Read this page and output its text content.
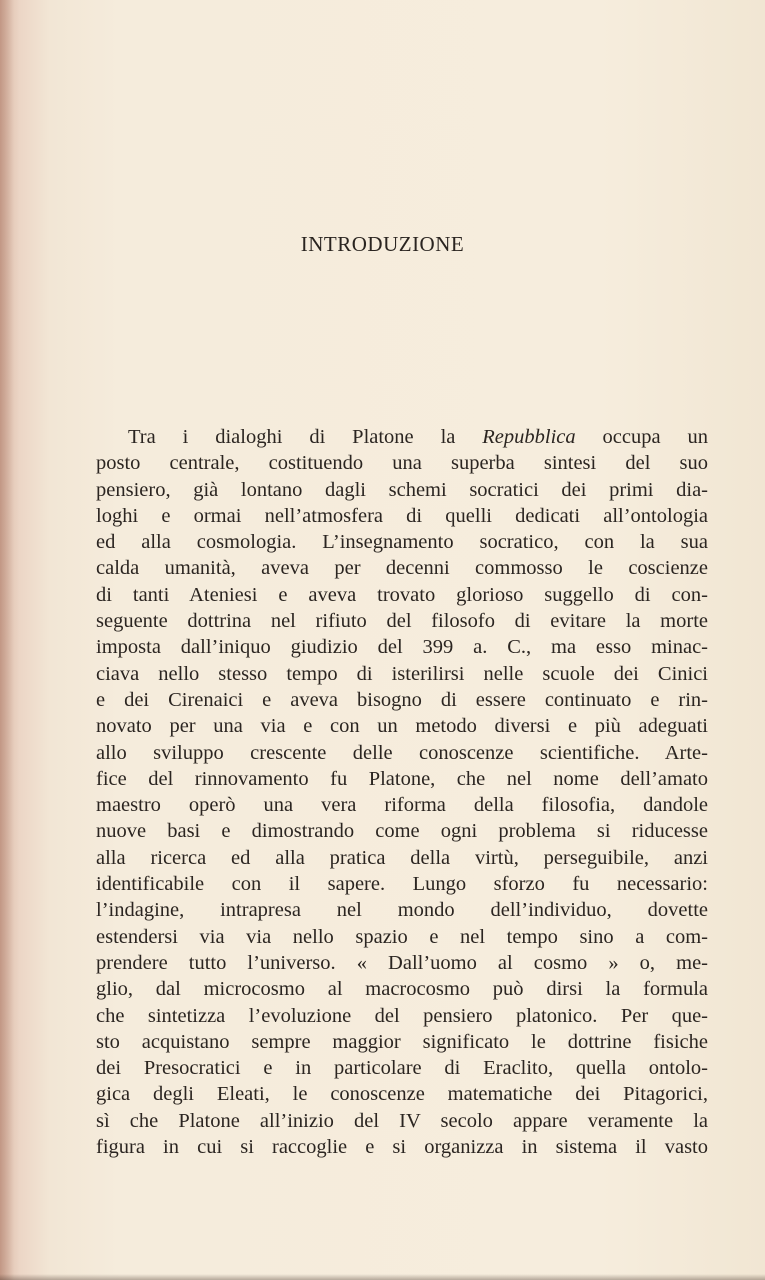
INTRODUZIONE
Tra i dialoghi di Platone la Repubblica occupa un
posto centrale, costituendo una superba sintesi del suo
pensiero, già lontano dagli schemi socratici dei primi dia-
loghi e ormai nell’atmosfera di quelli dedicati all’ontologia
ed alla cosmologia. L’insegnamento socratico, con la sua
calda umanità, aveva per decenni commosso le coscienze
di tanti Ateniesi e aveva trovato glorioso suggello di con-
seguente dottrina nel rifiuto del filosofo di evitare la morte
imposta dall’iniquo giudizio del 399 a. C., ma esso minac-
ciava nello stesso tempo di isterilirsi nelle scuole dei Cinici
e dei Cirenaici e aveva bisogno di essere continuato e rin-
novato per una via e con un metodo diversi e più adeguati
allo sviluppo crescente delle conoscenze scientifiche. Arte-
fice del rinnovamento fu Platone, che nel nome dell’amato
maestro operò una vera riforma della filosofia, dandole
nuove basi e dimostrando come ogni problema si riducesse
alla ricerca ed alla pratica della virtù, perseguibile, anzi
identificabile con il sapere. Lungo sforzo fu necessario:
l’indagine, intrapresa nel mondo dell’individuo, dovette
estendersi via via nello spazio e nel tempo sino a com-
prendere tutto l’universo. « Dall’uomo al cosmo » o, me-
glio, dal microcosmo al macrocosmo può dirsi la formula
che sintetizza l’evoluzione del pensiero platonico. Per que-
sto acquistano sempre maggior significato le dottrine fisiche
dei Presocratici e in particolare di Eraclito, quella ontolo-
gica degli Eleati, le conoscenze matematiche dei Pitagorici,
sì che Platone all’inizio del IV secolo appare veramente la
figura in cui si raccoglie e si organizza in sistema il vasto
